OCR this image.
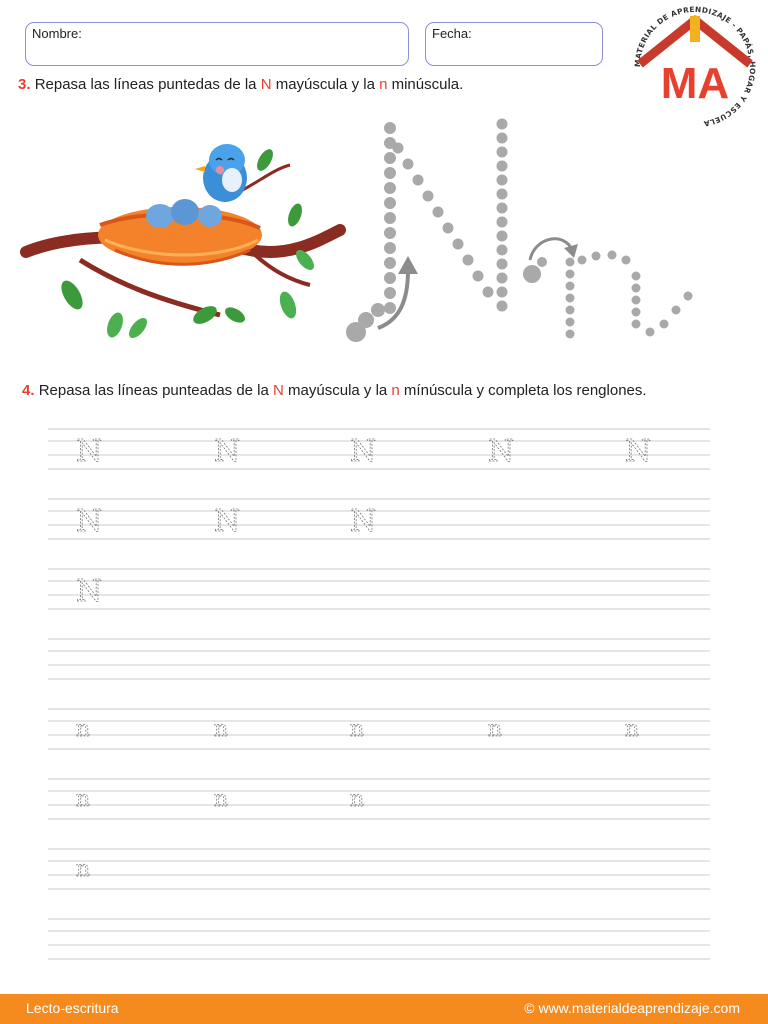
Nombre:	Fecha:
MATERIAL DE APRENDIZAJE - PAPÁS, HOGAR Y ESCUELA
MA
3. Repasa las líneas puntedas de la N mayúscula y la n minúscula.
4. Repasa las líneas punteadas de la N mayúscula y la n mínúscula y completa los renglones.
N	N	N	N	N
N	N	N
N
n	n	n	n	n
n	n	n
n
Lecto-escritura	© www.materialdeaprendizaje.com
